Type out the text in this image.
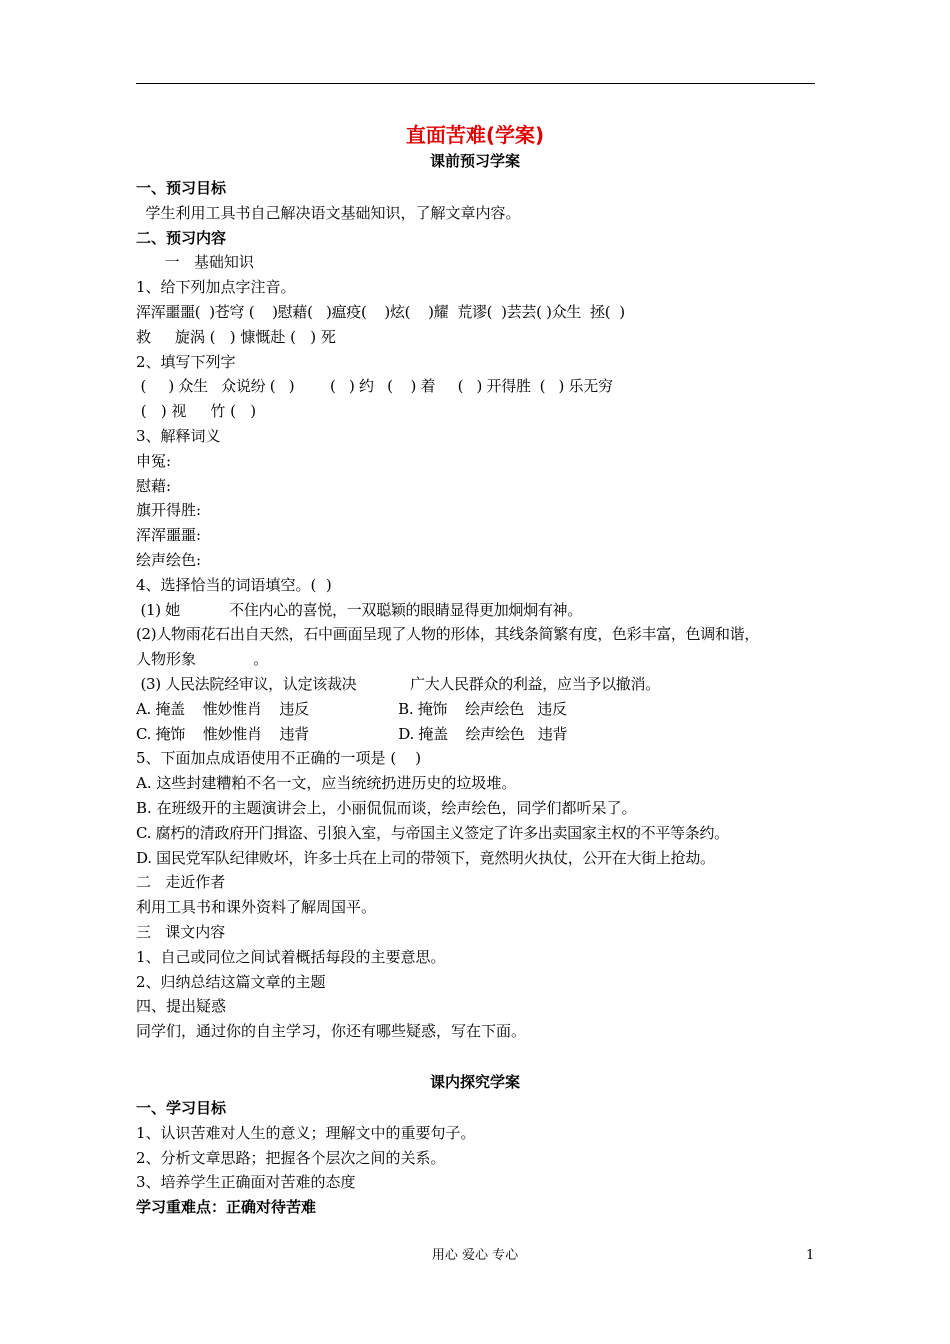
直面苦难(学案)
课前预习学案
一、预习目标
学生利用工具书自己解决语文基础知识，了解文章内容。
二、预习内容
一   基础知识
1、给下列加点字注音。
浑浑噩噩(  )苍穹 (    )慰藉(   )瘟疫(    )炫(    )耀  荒谬(  )芸芸( )众生  拯(  )
救     旋涡 (   ) 慷慨赴 (   ) 死
2、填写下列字
(     ) 众生   众说纷 (   )        (   ) 约   (    ) 着     (   ) 开得胜  (   ) 乐无穷
(   ) 视     竹 (   )
3、解释词义
申冤:
慰藉:
旗开得胜:
浑浑噩噩:
绘声绘色:
4、选择恰当的词语填空。(  )
(1) 她           不住内心的喜悦，一双聪颖的眼睛显得更加炯炯有神。
(2)人物雨花石出自天然，石中画面呈现了人物的形体，其线条简繁有度，色彩丰富，色调和谐，
人物形象            。
(3) 人民法院经审议，认定该裁决            广大人民群众的利益，应当予以撤消。
A. 掩盖    惟妙惟肖    违反                    B. 掩饰    绘声绘色   违反
C. 掩饰    惟妙惟肖    违背                    D. 掩盖    绘声绘色   违背
5、下面加点成语使用不正确的一项是 (    )
A. 这些封建糟粕不名一文，应当统统扔进历史的垃圾堆。
B. 在班级开的主题演讲会上，小丽侃侃而谈，绘声绘色，同学们都听呆了。
C. 腐朽的清政府开门揖盗、引狼入室，与帝国主义签定了许多出卖国家主权的不平等条约。
D. 国民党军队纪律败坏，许多士兵在上司的带领下，竟然明火执仗，公开在大街上抢劫。
二   走近作者
利用工具书和课外资料了解周国平。
三   课文内容
1、自己或同位之间试着概括每段的主要意思。
2、归纳总结这篇文章的主题
四、提出疑惑
同学们，通过你的自主学习，你还有哪些疑惑，写在下面。
课内探究学案
一、学习目标
1、认识苦难对人生的意义；理解文中的重要句子。
2、分析文章思路；把握各个层次之间的关系。
3、培养学生正确面对苦难的态度
学习重难点：正确对待苦难
用心 爱心 专心	1
